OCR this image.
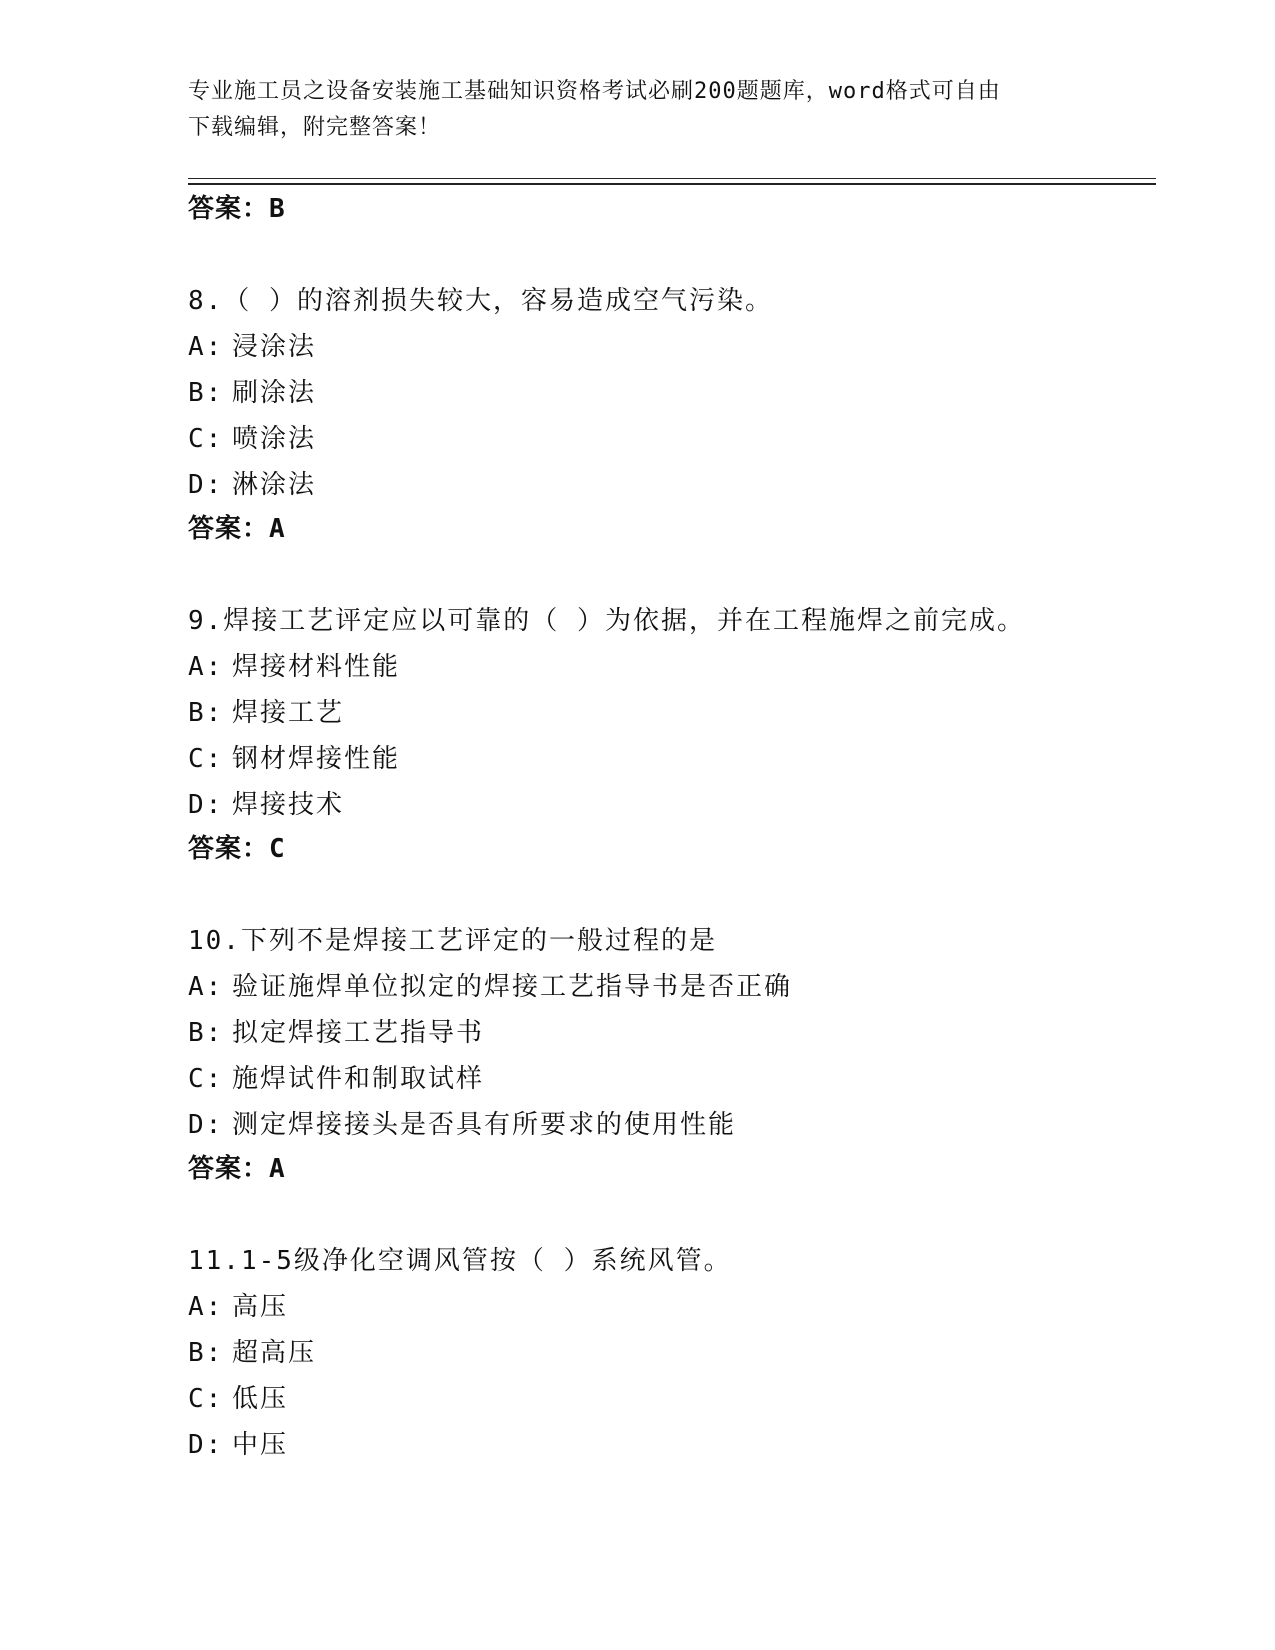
专业施工员之设备安装施工基础知识资格考试必刷200题题库，word格式可自由
下载编辑，附完整答案！
答案：B
8.（ ）的溶剂损失较大，容易造成空气污染。
A: 浸涂法
B: 刷涂法
C: 喷涂法
D: 淋涂法
答案：A
9.焊接工艺评定应以可靠的（ ）为依据，并在工程施焊之前完成。
A: 焊接材料性能
B: 焊接工艺
C: 钢材焊接性能
D: 焊接技术
答案：C
10.下列不是焊接工艺评定的一般过程的是
A: 验证施焊单位拟定的焊接工艺指导书是否正确
B: 拟定焊接工艺指导书
C: 施焊试件和制取试样
D: 测定焊接接头是否具有所要求的使用性能
答案：A
11.1-5级净化空调风管按（ ）系统风管。
A: 高压
B: 超高压
C: 低压
D: 中压
